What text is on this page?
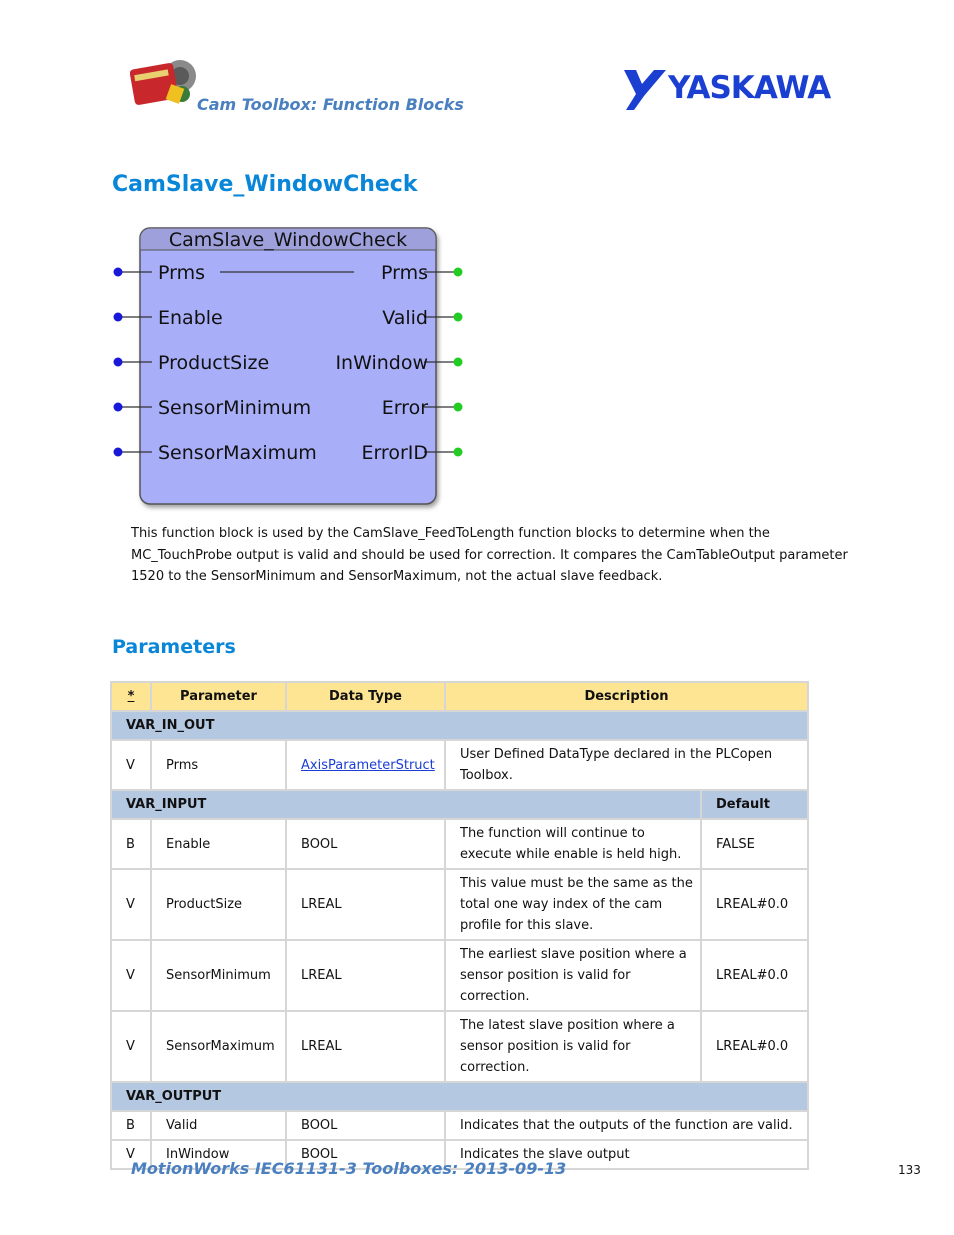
Cam Toolbox: Function Blocks	YASKAWA
CamSlave_WindowCheck
CamSlave_WindowCheck
Prms
Enable
ProductSize
SensorMinimum
SensorMaximum
Prms
Valid
InWindow
Error
ErrorID
This function block is used by the CamSlave_FeedToLength function blocks to determine when the
MC_TouchProbe output is valid and should be used for correction. It compares the CamTableOutput parameter
1520 to the SensorMinimum and SensorMaximum, not the actual slave feedback.
Parameters
*	Parameter	Data Type	Description	
VAR_IN_OUT				
V	Prms	AxisParameterStruct	User Defined DataType declared in the PLCopen Toolbox.	
VAR_INPUT				Default
B	Enable	BOOL	The function will continue to execute while enable is held high.	FALSE
V	ProductSize	LREAL	This value must be the same as the total one way index of the cam profile for this slave.	LREAL#0.0
V	SensorMinimum	LREAL	The earliest slave position where a sensor position is valid for correction.	LREAL#0.0
V	SensorMaximum	LREAL	The latest slave position where a sensor position is valid for correction.	LREAL#0.0
VAR_OUTPUT				
B	Valid	BOOL	Indicates that the outputs of the function are valid.	
V	InWindow	BOOL	Indicates the slave output	
MotionWorks IEC61131-3 Toolboxes: 2013-09-13	133
